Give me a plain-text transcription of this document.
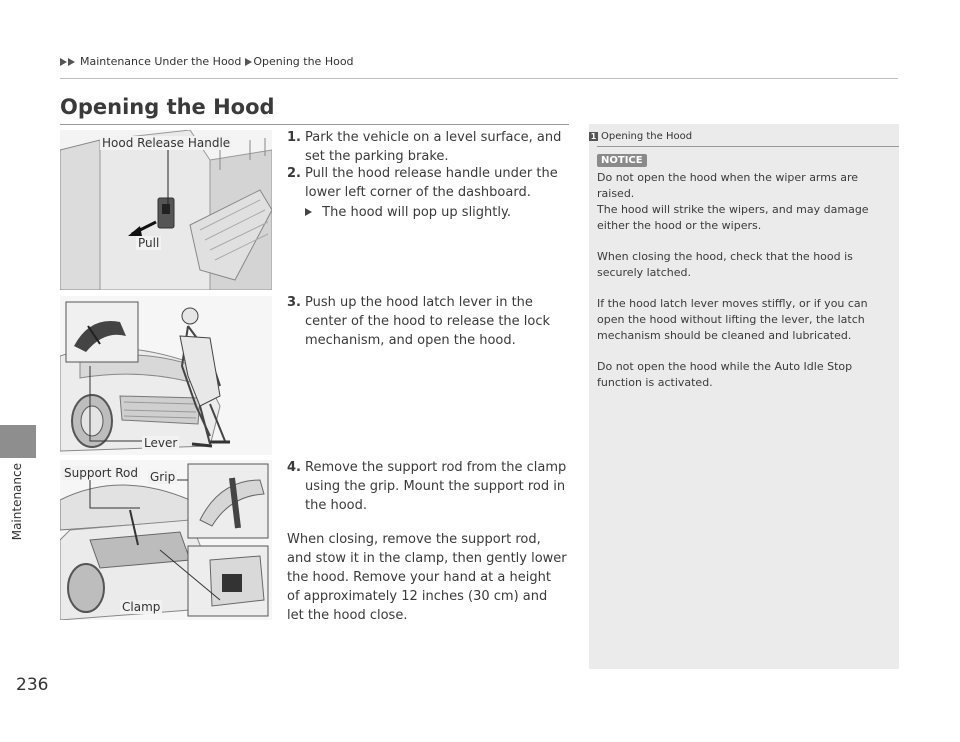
Maintenance Under the Hood Opening the Hood
Maintenance
236
Opening the Hood
Hood Release Handle
Pull
Lever
Support Rod Grip
Clamp
1. Park the vehicle on a level surface, and set the parking brake.
2. Pull the hood release handle under the lower left corner of the dashboard.
The hood will pop up slightly.
3. Push up the hood latch lever in the center of the hood to release the lock mechanism, and open the hood.
4. Remove the support rod from the clamp using the grip. Mount the support rod in the hood.
When closing, remove the support rod, and stow it in the clamp, then gently lower the hood. Remove your hand at a height of approximately 12 inches (30 cm) and let the hood close.
1 Opening the Hood
NOTICE

Do not open the hood when the wiper arms are raised.

The hood will strike the wipers, and may damage either the hood or the wipers.

When closing the hood, check that the hood is securely latched.

If the hood latch lever moves stiffly, or if you can open the hood without lifting the lever, the latch mechanism should be cleaned and lubricated.

Do not open the hood while the Auto Idle Stop function is activated.
